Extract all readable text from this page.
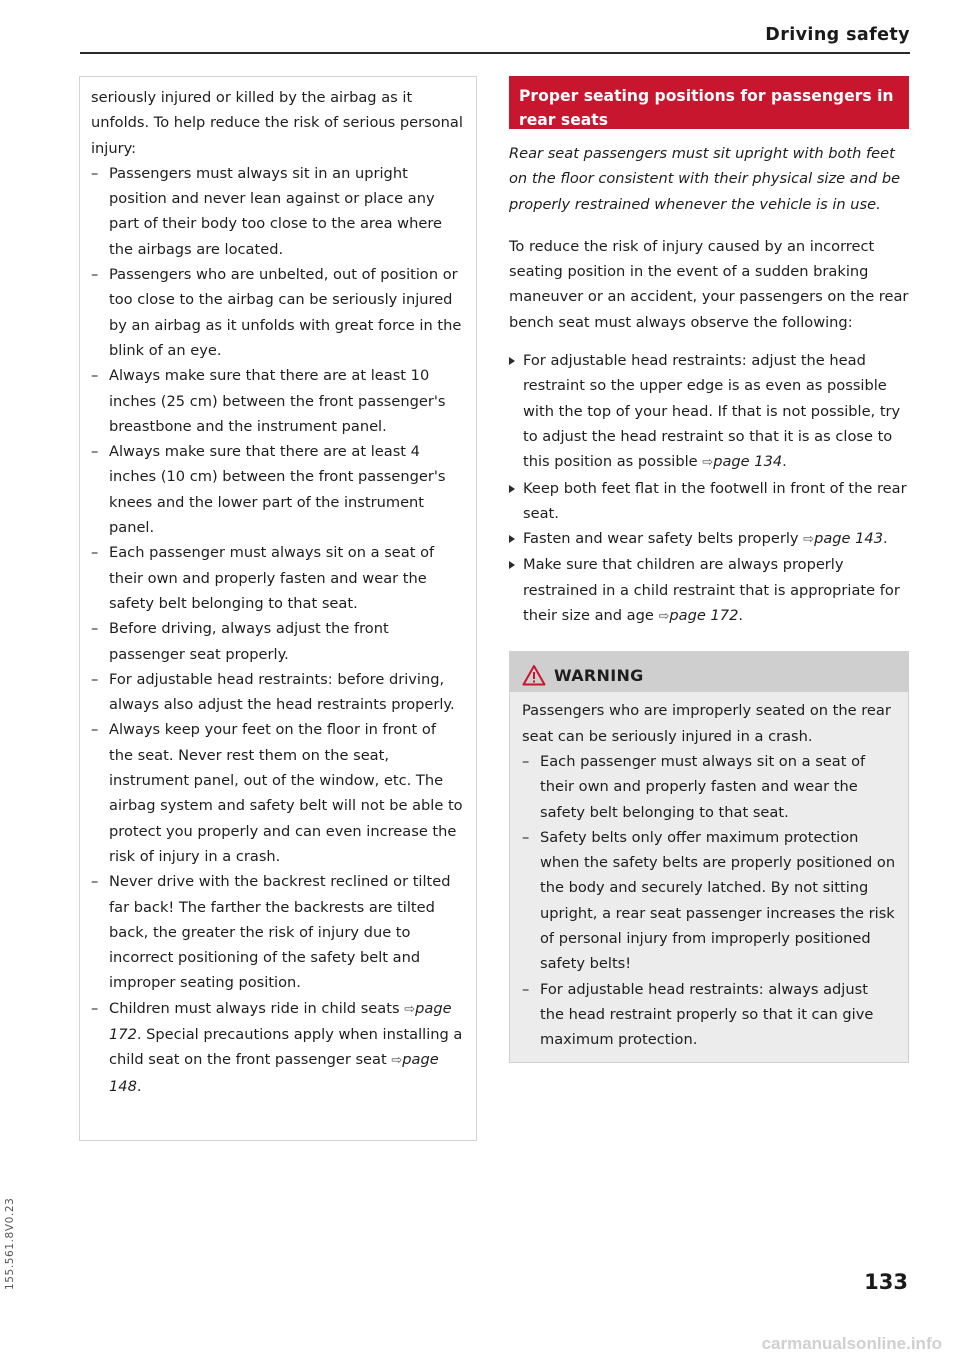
Driving safety

seriously injured or killed by the airbag as it unfolds. To help reduce the risk of serious personal injury:

– Passengers must always sit in an upright position and never lean against or place any part of their body too close to the area where the airbags are located.
– Passengers who are unbelted, out of position or too close to the airbag can be seriously injured by an airbag as it unfolds with great force in the blink of an eye.
– Always make sure that there are at least 10 inches (25 cm) between the front passenger's breastbone and the instrument panel.
– Always make sure that there are at least 4 inches (10 cm) between the front passenger's knees and the lower part of the instrument panel.
– Each passenger must always sit on a seat of their own and properly fasten and wear the safety belt belonging to that seat.
– Before driving, always adjust the front passenger seat properly.
– For adjustable head restraints: before driving, always also adjust the head restraints properly.
– Always keep your feet on the floor in front of the seat. Never rest them on the seat, instrument panel, out of the window, etc. The airbag system and safety belt will not be able to protect you properly and can even increase the risk of injury in a crash.
– Never drive with the backrest reclined or tilted far back! The farther the backrests are tilted back, the greater the risk of injury due to incorrect positioning of the safety belt and improper seating position.
– Children must always ride in child seats ⇨page 172. Special precautions apply when installing a child seat on the front passenger seat ⇨page 148.
Proper seating positions for passengers in rear seats

Rear seat passengers must sit upright with both feet on the floor consistent with their physical size and be properly restrained whenever the vehicle is in use.

To reduce the risk of injury caused by an incorrect seating position in the event of a sudden braking maneuver or an accident, your passengers on the rear bench seat must always observe the following:

For adjustable head restraints: adjust the head restraint so the upper edge is as even as possible with the top of your head. If that is not possible, try to adjust the head restraint so that it is as close to this position as possible ⇨page 134.
Keep both feet flat in the footwell in front of the rear seat.
Fasten and wear safety belts properly ⇨page 143.
Make sure that children are always properly restrained in a child restraint that is appropriate for their size and age ⇨page 172.
WARNING

Passengers who are improperly seated on the rear seat can be seriously injured in a crash.

– Each passenger must always sit on a seat of their own and properly fasten and wear the safety belt belonging to that seat.
– Safety belts only offer maximum protection when the safety belts are properly positioned on the body and securely latched. By not sitting upright, a rear seat passenger increases the risk of personal injury from improperly positioned safety belts!
– For adjustable head restraints: always adjust the head restraint properly so that it can give maximum protection.
155.561.8V0.23	133
carmanualsonline.info
